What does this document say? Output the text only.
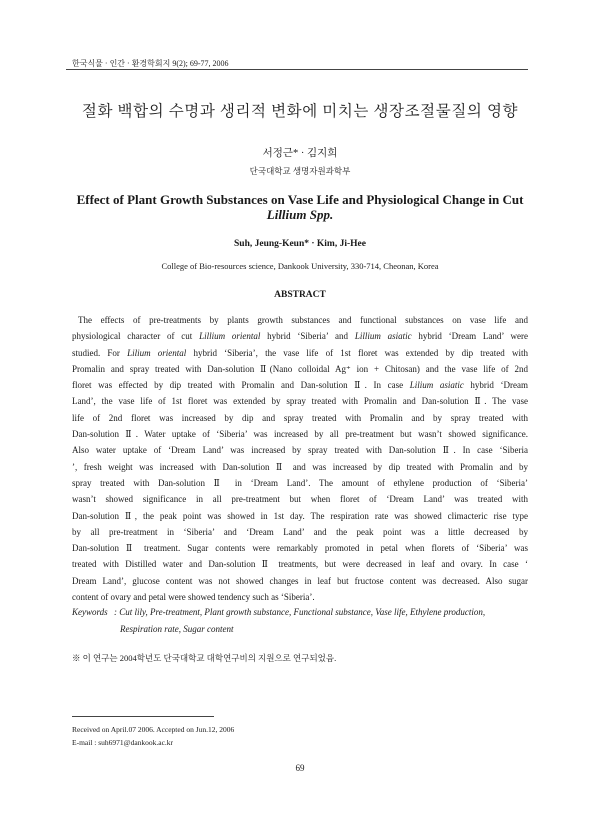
한국식물 · 인간 · 환경학회지 9(2); 69-77, 2006
절화 백합의 수명과 생리적 변화에 미치는 생장조절물질의 영향
서정근* · 김지희
단국대학교 생명자원과학부
Effect of Plant Growth Substances on Vase Life and Physiological Change in Cut
Lillium Spp.
Suh, Jeung-Keun* · Kim, Ji-Hee
College of Bio-resources science, Dankook University, 330-714, Cheonan, Korea
ABSTRACT
The effects of pre-treatments by plants growth substances and functional substances on vase life and
physiological character of cut Lillium oriental hybrid ‘Siberia’ and Lillium asiatic hybrid ‘Dream Land’ were
studied. For Lilium oriental hybrid ‘Siberia’, the vase life of 1st floret was extended by dip treated with
Promalin and spray treated with Dan-solution Ⅱ(Nano colloidal Ag⁺ ion + Chitosan) and the vase life of 2nd
floret was effected by dip treated with Promalin and Dan-solution Ⅱ. In case Lilium asiatic hybrid ‘Dream
Land’, the vase life of 1st floret was extended by spray treated with Promalin and Dan-solution Ⅱ. The vase
life of 2nd floret was increased by dip and spray treated with Promalin and by spray treated with
Dan-solution Ⅱ. Water uptake of ‘Siberia’ was increased by all pre-treatment but wasn’t showed significance.
Also water uptake of ‘Dream Land’ was increased by spray treated with Dan-solution Ⅱ. In case ‘Siberia
’, fresh weight was increased with Dan-solution Ⅱ and was increased by dip treated with Promalin and by
spray treated with Dan-solution Ⅱ in ‘Dream Land’. The amount of ethylene production of ‘Siberia’
wasn’t showed significance in all pre-treatment but when floret of ‘Dream Land’ was treated with
Dan-solution Ⅱ, the peak point was showed in 1st day. The respiration rate was showed climacteric rise type
by all pre-treatment in ‘Siberia’ and ‘Dream Land’ and the peak point was a little decreased by
Dan-solution Ⅱ treatment. Sugar contents were remarkably promoted in petal when florets of ‘Siberia’ was
treated with Distilled water and Dan-solution Ⅱ treatments, but were decreased in leaf and ovary. In case ‘
Dream Land’, glucose content was not showed changes in leaf but fructose content was decreased. Also sugar
content of ovary and petal were showed tendency such as ‘Siberia’.
Keywords : Cut lily, Pre-treatment, Plant growth substance, Functional substance, Vase life, Ethylene production,
Respiration rate, Sugar content
※ 이 연구는 2004학년도 단국대학교 대학연구비의 지원으로 연구되었음.
Received on April.07 2006. Accepted on Jun.12, 2006
E-mail : suh6971@dankook.ac.kr
69
